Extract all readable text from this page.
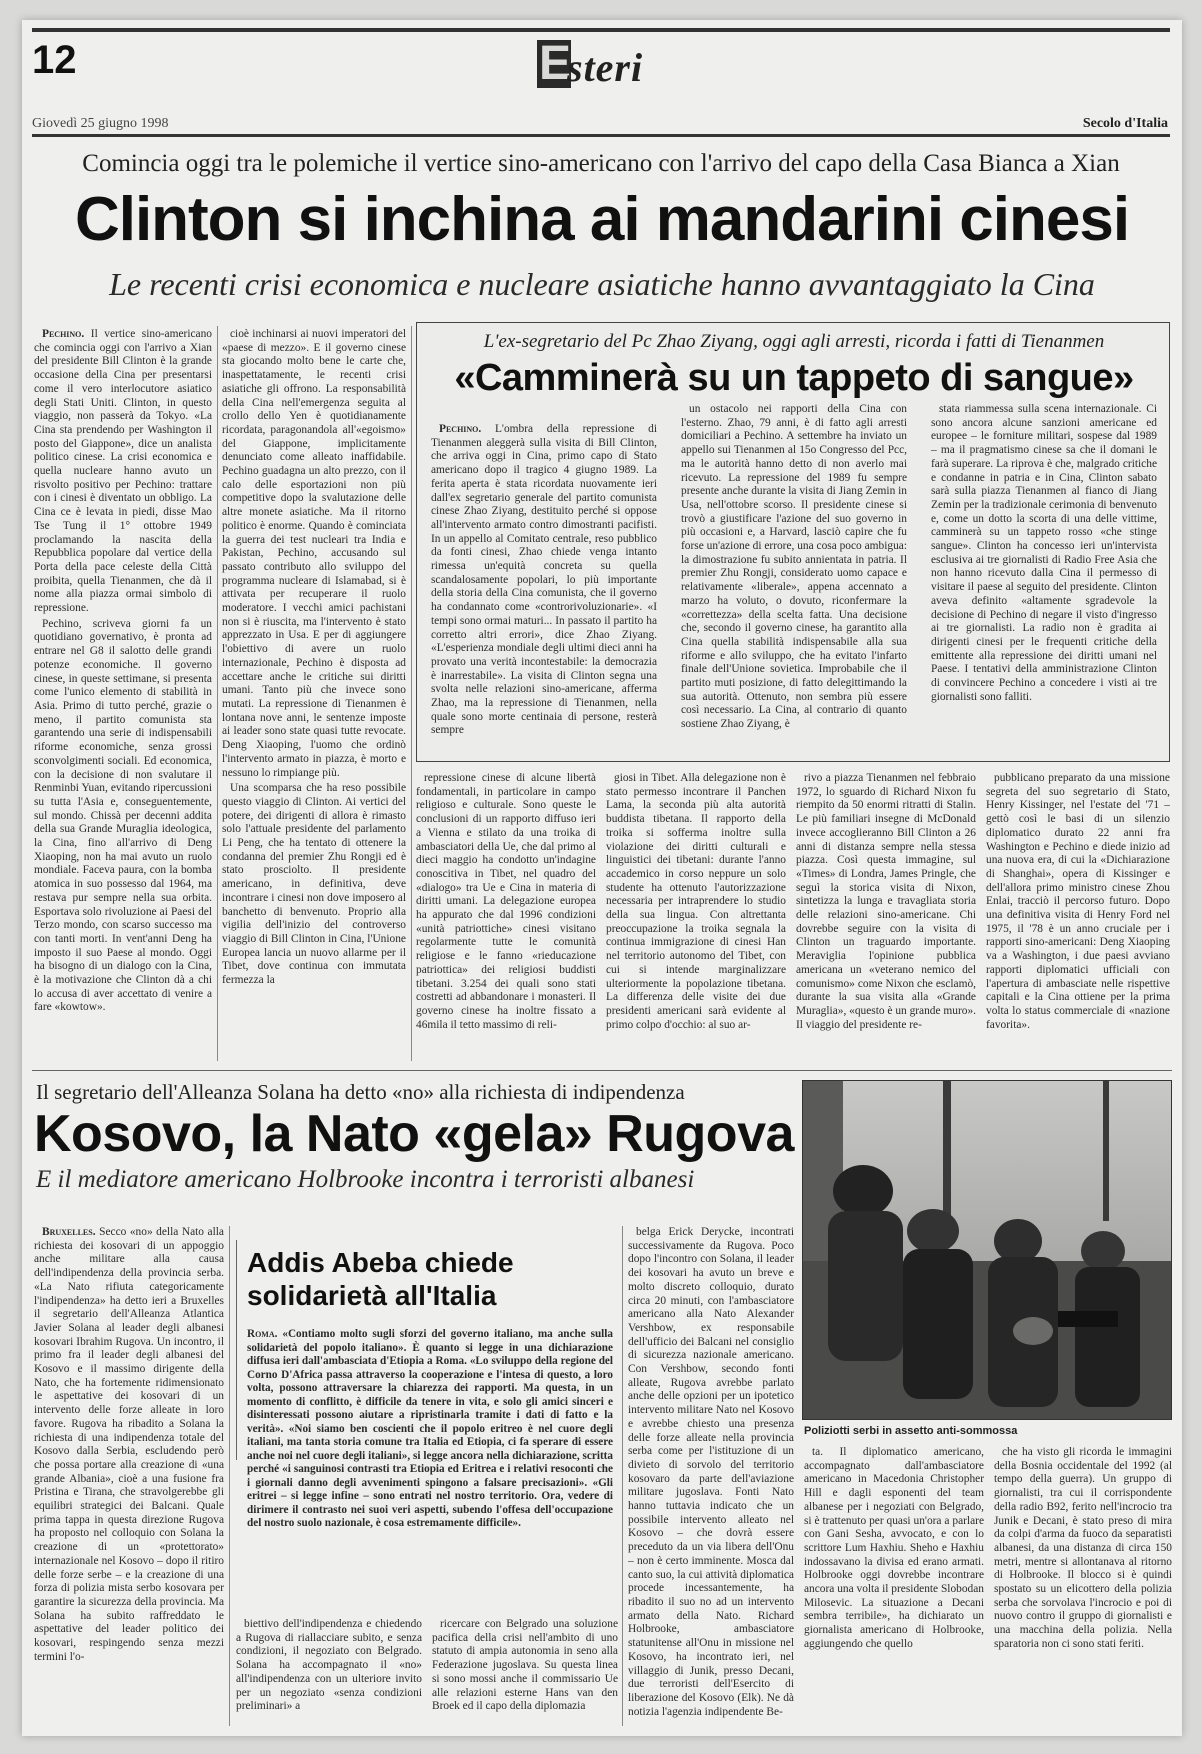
12	E
steri
Giovedì 25 giugno 1998	Secolo d'Italia
Comincia oggi tra le polemiche il vertice sino-americano con l'arrivo del capo della Casa Bianca a Xian
Clinton si inchina ai mandarini cinesi
Le recenti crisi economica e nucleare asiatiche hanno avvantaggiato la Cina

Pechino. Il vertice sino-americano che comincia oggi con l'arrivo a Xian del presidente Bill Clinton è la grande occasione della Cina per presentarsi come il vero interlocutore asiatico degli Stati Uniti. Clinton, in questo viaggio, non passerà da Tokyo. «La Cina sta prendendo per Washington il posto del Giappone», dice un analista politico cinese. La crisi economica e quella nucleare hanno avuto un risvolto positivo per Pechino: trattare con i cinesi è diventato un obbligo. La Cina ce è levata in piedi, disse Mao Tse Tung il 1° ottobre 1949 proclamando la nascita della Repubblica popolare dal vertice della Porta della pace celeste della Città proibita, quella Tienanmen, che dà il nome alla piazza ormai simbolo di repressione.

Pechino, scriveva giorni fa un quotidiano governativo, è pronta ad entrare nel G8 il salotto delle grandi potenze economiche. Il governo cinese, in queste settimane, si presenta come l'unico elemento di stabilità in Asia. Primo di tutto perché, grazie o meno, il partito comunista sta garantendo una serie di indispensabili riforme economiche, senza grossi sconvolgimenti sociali. Ed economica, con la decisione di non svalutare il Renminbi Yuan, evitando ripercussioni su tutta l'Asia e, conseguentemente, sul mondo. Chissà per decenni addita della sua Grande Muraglia ideologica, la Cina, fino all'arrivo di Deng Xiaoping, non ha mai avuto un ruolo mondiale. Faceva paura, con la bomba atomica in suo possesso dal 1964, ma restava pur sempre nella sua orbita. Esportava solo rivoluzione ai Paesi del Terzo mondo, con scarso successo ma con tanti morti. In vent'anni Deng ha imposto il suo Paese al mondo. Oggi ha bisogno di un dialogo con la Cina, è la motivazione che Clinton dà a chi lo accusa di aver accettato di venire a fare «kowtow».

cioè inchinarsi ai nuovi imperatori del «paese di mezzo». E il governo cinese sta giocando molto bene le carte che, inaspettatamente, le recenti crisi asiatiche gli offrono. La responsabilità della Cina nell'emergenza seguita al crollo dello Yen è quotidianamente ricordata, paragonandola all'«egoismo» del Giappone, implicitamente denunciato come alleato inaffidabile. Pechino guadagna un alto prezzo, con il calo delle esportazioni non più competitive dopo la svalutazione delle altre monete asiatiche. Ma il ritorno politico è enorme. Quando è cominciata la guerra dei test nucleari tra India e Pakistan, Pechino, accusando sul passato contributo allo sviluppo del programma nucleare di Islamabad, si è attivata per recuperare il ruolo moderatore. I vecchi amici pachistani non si è riuscita, ma l'intervento è stato apprezzato in Usa. E per di aggiungere l'obiettivo di avere un ruolo internazionale, Pechino è disposta ad accettare anche le critiche sui diritti umani. Tanto più che invece sono mutati. La repressione di Tienanmen è lontana nove anni, le sentenze imposte ai leader sono state quasi tutte revocate. Deng Xiaoping, l'uomo che ordinò l'intervento armato in piazza, è morto e nessuno lo rimpiange più.

Una scomparsa che ha reso possibile questo viaggio di Clinton. Ai vertici del potere, dei dirigenti di allora è rimasto solo l'attuale presidente del parlamento Li Peng, che ha tentato di ottenere la condanna del premier Zhu Rongji ed è stato prosciolto. Il presidente americano, in definitiva, deve incontrare i cinesi non dove imposero al banchetto di benvenuto. Proprio alla vigilia dell'inizio del controverso viaggio di Bill Clinton in Cina, l'Unione Europea lancia un nuovo allarme per il Tibet, dove continua con immutata fermezza la

L'ex-segretario del Pc Zhao Ziyang, oggi agli arresti, ricorda i fatti di Tienanmen
«Camminerà su un tappeto di sangue»

Pechino. L'ombra della repressione di Tienanmen aleggerà sulla visita di Bill Clinton, che arriva oggi in Cina, primo capo di Stato americano dopo il tragico 4 giugno 1989. La ferita aperta è stata ricordata nuovamente ieri dall'ex segretario generale del partito comunista cinese Zhao Ziyang, destituito perché si oppose all'intervento armato contro dimostranti pacifisti. In un appello al Comitato centrale, reso pubblico da fonti cinesi, Zhao chiede venga intanto rimessa un'equità concreta su quella scandalosamente popolari, lo più importante della storia della Cina comunista, che il governo ha condannato come «controrivoluzionarie». «I tempi sono ormai maturi... In passato il partito ha corretto altri errori», dice Zhao Ziyang. «L'esperienza mondiale degli ultimi dieci anni ha provato una verità incontestabile: la democrazia è inarrestabile». La visita di Clinton segna una svolta nelle relazioni sino-americane, afferma Zhao, ma la repressione di Tienanmen, nella quale sono morte centinaia di persone, resterà sempre

un ostacolo nei rapporti della Cina con l'esterno. Zhao, 79 anni, è di fatto agli arresti domiciliari a Pechino. A settembre ha inviato un appello sui Tienanmen al 15o Congresso del Pcc, ma le autorità hanno detto di non averlo mai ricevuto. La repressione del 1989 fu sempre presente anche durante la visita di Jiang Zemin in Usa, nell'ottobre scorso. Il presidente cinese si trovò a giustificare l'azione del suo governo in più occasioni e, a Harvard, lasciò capire che fu forse un'azione di errore, una cosa poco ambigua: la dimostrazione fu subito annientata in patria. Il premier Zhu Rongji, considerato uomo capace e relativamente «liberale», appena accennato a marzo ha voluto, o dovuto, riconfermare la «correttezza» della scelta fatta. Una decisione che, secondo il governo cinese, ha garantito alla Cina quella stabilità indispensabile alla sua riforme e allo sviluppo, che ha evitato l'infarto finale dell'Unione sovietica. Improbabile che il partito muti posizione, di fatto delegittimando la sua autorità. Ottenuto, non sembra più essere così necessario. La Cina, al contrario di quanto sostiene Zhao Ziyang, è

stata riammessa sulla scena internazionale. Ci sono ancora alcune sanzioni americane ed europee – le forniture militari, sospese dal 1989 – ma il pragmatismo cinese sa che il domani le farà superare. La riprova è che, malgrado critiche e condanne in patria e in Cina, Clinton sabato sarà sulla piazza Tienanmen al fianco di Jiang Zemin per la tradizionale cerimonia di benvenuto e, come un dotto la scorta di una delle vittime, camminerà su un tappeto rosso «che stinge sangue». Clinton ha concesso ieri un'intervista esclusiva ai tre giornalisti di Radio Free Asia che non hanno ricevuto dalla Cina il permesso di visitare il paese al seguito del presidente. Clinton aveva definito «altamente sgradevole la decisione di Pechino di negare il visto d'ingresso ai tre giornalisti. La radio non è gradita ai dirigenti cinesi per le frequenti critiche della emittente alla repressione dei diritti umani nel Paese. I tentativi della amministrazione Clinton di convincere Pechino a concedere i visti ai tre giornalisti sono falliti.

repressione cinese di alcune libertà fondamentali, in particolare in campo religioso e culturale. Sono queste le conclusioni di un rapporto diffuso ieri a Vienna e stilato da una troika di ambasciatori della Ue, che dal primo al dieci maggio ha condotto un'indagine conoscitiva in Tibet, nel quadro del «dialogo» tra Ue e Cina in materia di diritti umani. La delegazione europea ha appurato che dal 1996 condizioni «unità patriottiche» cinesi visitano regolarmente tutte le comunità religiose e le fanno «rieducazione patriottica» dei religiosi buddisti tibetani. 3.254 dei quali sono stati costretti ad abbandonare i monasteri. Il governo cinese ha inoltre fissato a 46mila il tetto massimo di reli-

giosi in Tibet. Alla delegazione non è stato permesso incontrare il Panchen Lama, la seconda più alta autorità buddista tibetana. Il rapporto della troika si sofferma inoltre sulla violazione dei diritti culturali e linguistici dei tibetani: durante l'anno accademico in corso neppure un solo studente ha ottenuto l'autorizzazione necessaria per intraprendere lo studio della sua lingua. Con altrettanta preoccupazione la troika segnala la continua immigrazione di cinesi Han nel territorio autonomo del Tibet, con cui si intende marginalizzare ulteriormente la popolazione tibetana. La differenza delle visite dei due presidenti americani sarà evidente al primo colpo d'occhio: al suo ar-

rivo a piazza Tienanmen nel febbraio 1972, lo sguardo di Richard Nixon fu riempito da 50 enormi ritratti di Stalin. Le più familiari insegne di McDonald invece accoglieranno Bill Clinton a 26 anni di distanza sempre nella stessa piazza. Così questa immagine, sul «Times» di Londra, James Pringle, che seguì la storica visita di Nixon, sintetizza la lunga e travagliata storia delle relazioni sino-americane. Chi dovrebbe seguire con la visita di Clinton un traguardo importante. Meraviglia l'opinione pubblica americana un «veterano nemico del comunismo» come Nixon che esclamò, durante la sua visita alla «Grande Muraglia», «questo è un grande muro». Il viaggio del presidente re-

pubblicano preparato da una missione segreta del suo segretario di Stato, Henry Kissinger, nel l'estate del '71 – gettò così le basi di un silenzio diplomatico durato 22 anni fra Washington e Pechino e diede inizio ad una nuova era, di cui la «Dichiarazione di Shanghai», opera di Kissinger e dell'allora primo ministro cinese Zhou Enlai, tracciò il percorso futuro. Dopo una definitiva visita di Henry Ford nel 1975, il '78 è un anno cruciale per i rapporti sino-americani: Deng Xiaoping va a Washington, i due paesi avviano rapporti diplomatici ufficiali con l'apertura di ambasciate nelle rispettive capitali e la Cina ottiene per la prima volta lo status commerciale di «nazione favorita».

Il segretario dell'Alleanza Solana ha detto «no» alla richiesta di indipendenza
Kosovo, la Nato «gela» Rugova
E il mediatore americano Holbrooke incontra i terroristi albanesi

Bruxelles. Secco «no» della Nato alla richiesta dei kosovari di un appoggio anche militare alla causa dell'indipendenza della provincia serba. «La Nato rifiuta categoricamente l'indipendenza» ha detto ieri a Bruxelles il segretario dell'Alleanza Atlantica Javier Solana al leader degli albanesi kosovari Ibrahim Rugova. Un incontro, il primo fra il leader degli albanesi del Kosovo e il massimo dirigente della Nato, che ha fortemente ridimensionato le aspettative dei kosovari di un intervento delle forze alleate in loro favore. Rugova ha ribadito a Solana la richiesta di una indipendenza totale del Kosovo dalla Serbia, escludendo però che possa portare alla creazione di «una grande Albania», cioè a una fusione fra Pristina e Tirana, che stravolgerebbe gli equilibri strategici dei Balcani. Quale prima tappa in questa direzione Rugova ha proposto nel colloquio con Solana la creazione di un «protettorato» internazionale nel Kosovo – dopo il ritiro delle forze serbe – e la creazione di una forza di polizia mista serbo kosovara per garantire la sicurezza della provincia. Ma Solana ha subito raffreddato le aspettative del leader politico dei kosovari, respingendo senza mezzi termini l'o-

Addis Abeba chiede solidarietà all'Italia
Roma. «Contiamo molto sugli sforzi del governo italiano, ma anche sulla solidarietà del popolo italiano». È quanto si legge in una dichiarazione diffusa ieri dall'ambasciata d'Etiopia a Roma. «Lo sviluppo della regione del Corno D'Africa passa attraverso la cooperazione e l'intesa di questo, a loro volta, possono attraversare la chiarezza dei rapporti. Ma questa, in un momento di conflitto, è difficile da tenere in vita, e solo gli amici sinceri e disinteressati possono aiutare a ripristinarla tramite i dati di fatto e la verità». «Noi siamo ben coscienti che il popolo eritreo è nel cuore degli italiani, ma tanta storia comune tra Italia ed Etiopia, ci fa sperare di essere anche noi nel cuore degli italiani», si legge ancora nella dichiarazione, scritta perché «i sanguinosi contrasti tra Etiopia ed Eritrea e i relativi resoconti che i giornali danno degli avvenimenti spingono a falsare precisazioni». «Gli eritrei – si legge infine – sono entrati nel nostro territorio. Ora, vedere di dirimere il contrasto nei suoi veri aspetti, subendo l'offesa dell'occupazione del nostro suolo nazionale, è cosa estremamente difficile».

biettivo dell'indipendenza e chiedendo a Rugova di riallacciare subito, e senza condizioni, il negoziato con Belgrado. Solana ha accompagnato il «no» all'indipendenza con un ulteriore invito per un negoziato «senza condizioni preliminari» a

ricercare con Belgrado una soluzione pacifica della crisi nell'ambito di uno statuto di ampia autonomia in seno alla Federazione jugoslava. Su questa linea si sono mossi anche il commissario Ue alle relazioni esterne Hans van den Broek ed il capo della diplomazia

belga Erick Derycke, incontrati successivamente da Rugova. Poco dopo l'incontro con Solana, il leader dei kosovari ha avuto un breve e molto discreto colloquio, durato circa 20 minuti, con l'ambasciatore americano alla Nato Alexander Vershbow, ex responsabile dell'ufficio dei Balcani nel consiglio di sicurezza nazionale americano. Con Vershbow, secondo fonti alleate, Rugova avrebbe parlato anche delle opzioni per un ipotetico intervento militare Nato nel Kosovo e avrebbe chiesto una presenza delle forze alleate nella provincia serba come per l'istituzione di un divieto di sorvolo del territorio kosovaro da parte dell'aviazione militare jugoslava. Fonti Nato hanno tuttavia indicato che un possibile intervento alleato nel Kosovo – che dovrà essere preceduto da un via libera dell'Onu – non è certo imminente. Mosca dal canto suo, la cui attività diplomatica procede incessantemente, ha ribadito il suo no ad un intervento armato della Nato. Richard Holbrooke, ambasciatore statunitense all'Onu in missione nel Kosovo, ha incontrato ieri, nel villaggio di Junik, presso Decani, due terroristi dell'Esercito di liberazione del Kosovo (Elk). Ne dà notizia l'agenzia indipendente Be-

Poliziotti serbi in assetto anti-sommossa

ta. Il diplomatico americano, accompagnato dall'ambasciatore americano in Macedonia Christopher Hill e dagli esponenti del team albanese per i negoziati con Belgrado, si è trattenuto per quasi un'ora a parlare con Gani Sesha, avvocato, e con lo scrittore Lum Haxhiu. Sheho e Haxhiu indossavano la divisa ed erano armati. Holbrooke oggi dovrebbe incontrare ancora una volta il presidente Slobodan Milosevic. La situazione a Decani sembra terribile», ha dichiarato un giornalista americano di Holbrooke, aggiungendo che quello

che ha visto gli ricorda le immagini della Bosnia occidentale del 1992 (al tempo della guerra). Un gruppo di giornalisti, tra cui il corrispondente della radio B92, ferito nell'incrocio tra Junik e Decani, è stato preso di mira da colpi d'arma da fuoco da separatisti albanesi, da una distanza di circa 150 metri, mentre si allontanava al ritorno di Holbrooke. Il blocco si è quindi spostato su un elicottero della polizia serba che sorvolava l'incrocio e poi di nuovo contro il gruppo di giornalisti e una macchina della polizia. Nella sparatoria non ci sono stati feriti.
